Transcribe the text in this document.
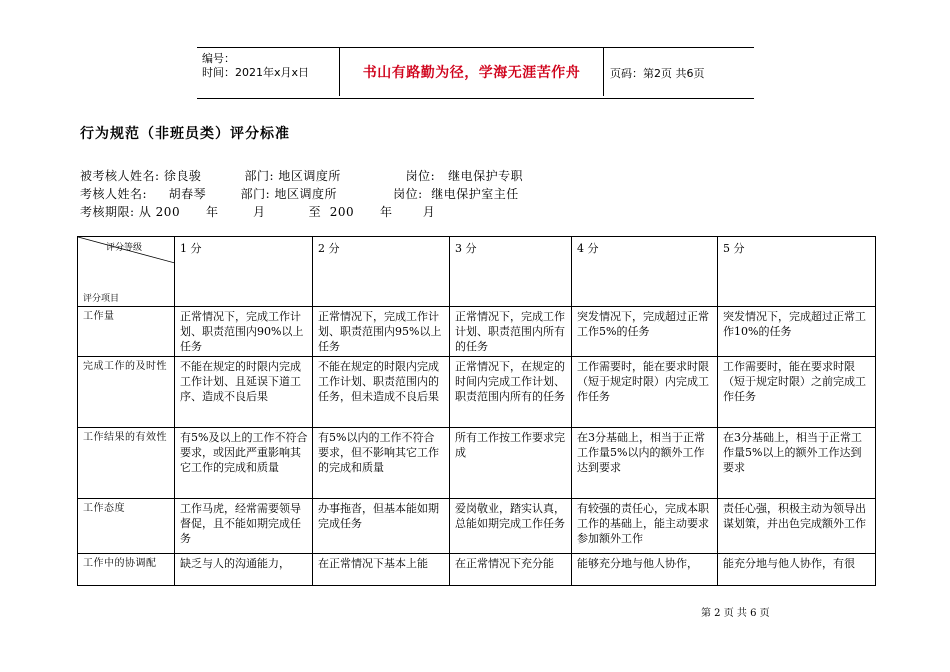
编号：
时间：2021年x月x日	书山有路勤为径，学海无涯苦作舟	页码：第2页 共6页
行为规范（非班员类）评分标准
被考核人姓名: 徐良骏          部门: 地区调度所               岗位:   继电保护专职
考核人姓名:     胡春琴        部门: 地区调度所             岗位:  继电保护室主任
考核期限: 从 200      年        月          至  200      年       月
评分等级
评分项目	1 分	2 分	3 分	4 分	5 分
工作量	正常情况下，完成工作计划、职责范围内90%以上任务	正常情况下，完成工作计划、职责范围内95%以上任务	正常情况下，完成工作计划、职责范围内所有的任务	突发情况下，完成超过正常工作5%的任务	突发情况下，完成超过正常工作10%的任务
完成工作的及时性	不能在规定的时限内完成工作计划、且延误下道工序、造成不良后果	不能在规定的时限内完成工作计划、职责范围内的任务，但未造成不良后果	正常情况下，在规定的时间内完成工作计划、职责范围内所有的任务	工作需要时，能在要求时限（短于规定时限）内完成工作任务	工作需要时，能在要求时限（短于规定时限）之前完成工作任务
工作结果的有效性	有5%及以上的工作不符合要求，或因此严重影响其它工作的完成和质量	有5%以内的工作不符合要求，但不影响其它工作的完成和质量	所有工作按工作要求完成	在3分基础上，相当于正常工作量5%以内的额外工作达到要求	在3分基础上，相当于正常工作量5%以上的额外工作达到要求
工作态度	工作马虎，经常需要领导督促，且不能如期完成任务	办事拖沓，但基本能如期完成任务	爱岗敬业，踏实认真，总能如期完成工作任务	有较强的责任心，完成本职工作的基础上，能主动要求参加额外工作	责任心强，积极主动为领导出谋划策，并出色完成额外工作
工作中的协调配	缺乏与人的沟通能力，	在正常情况下基本上能	在正常情况下充分能	能够充分地与他人协作，	能充分地与他人协作，有很
第 2 页 共 6 页
